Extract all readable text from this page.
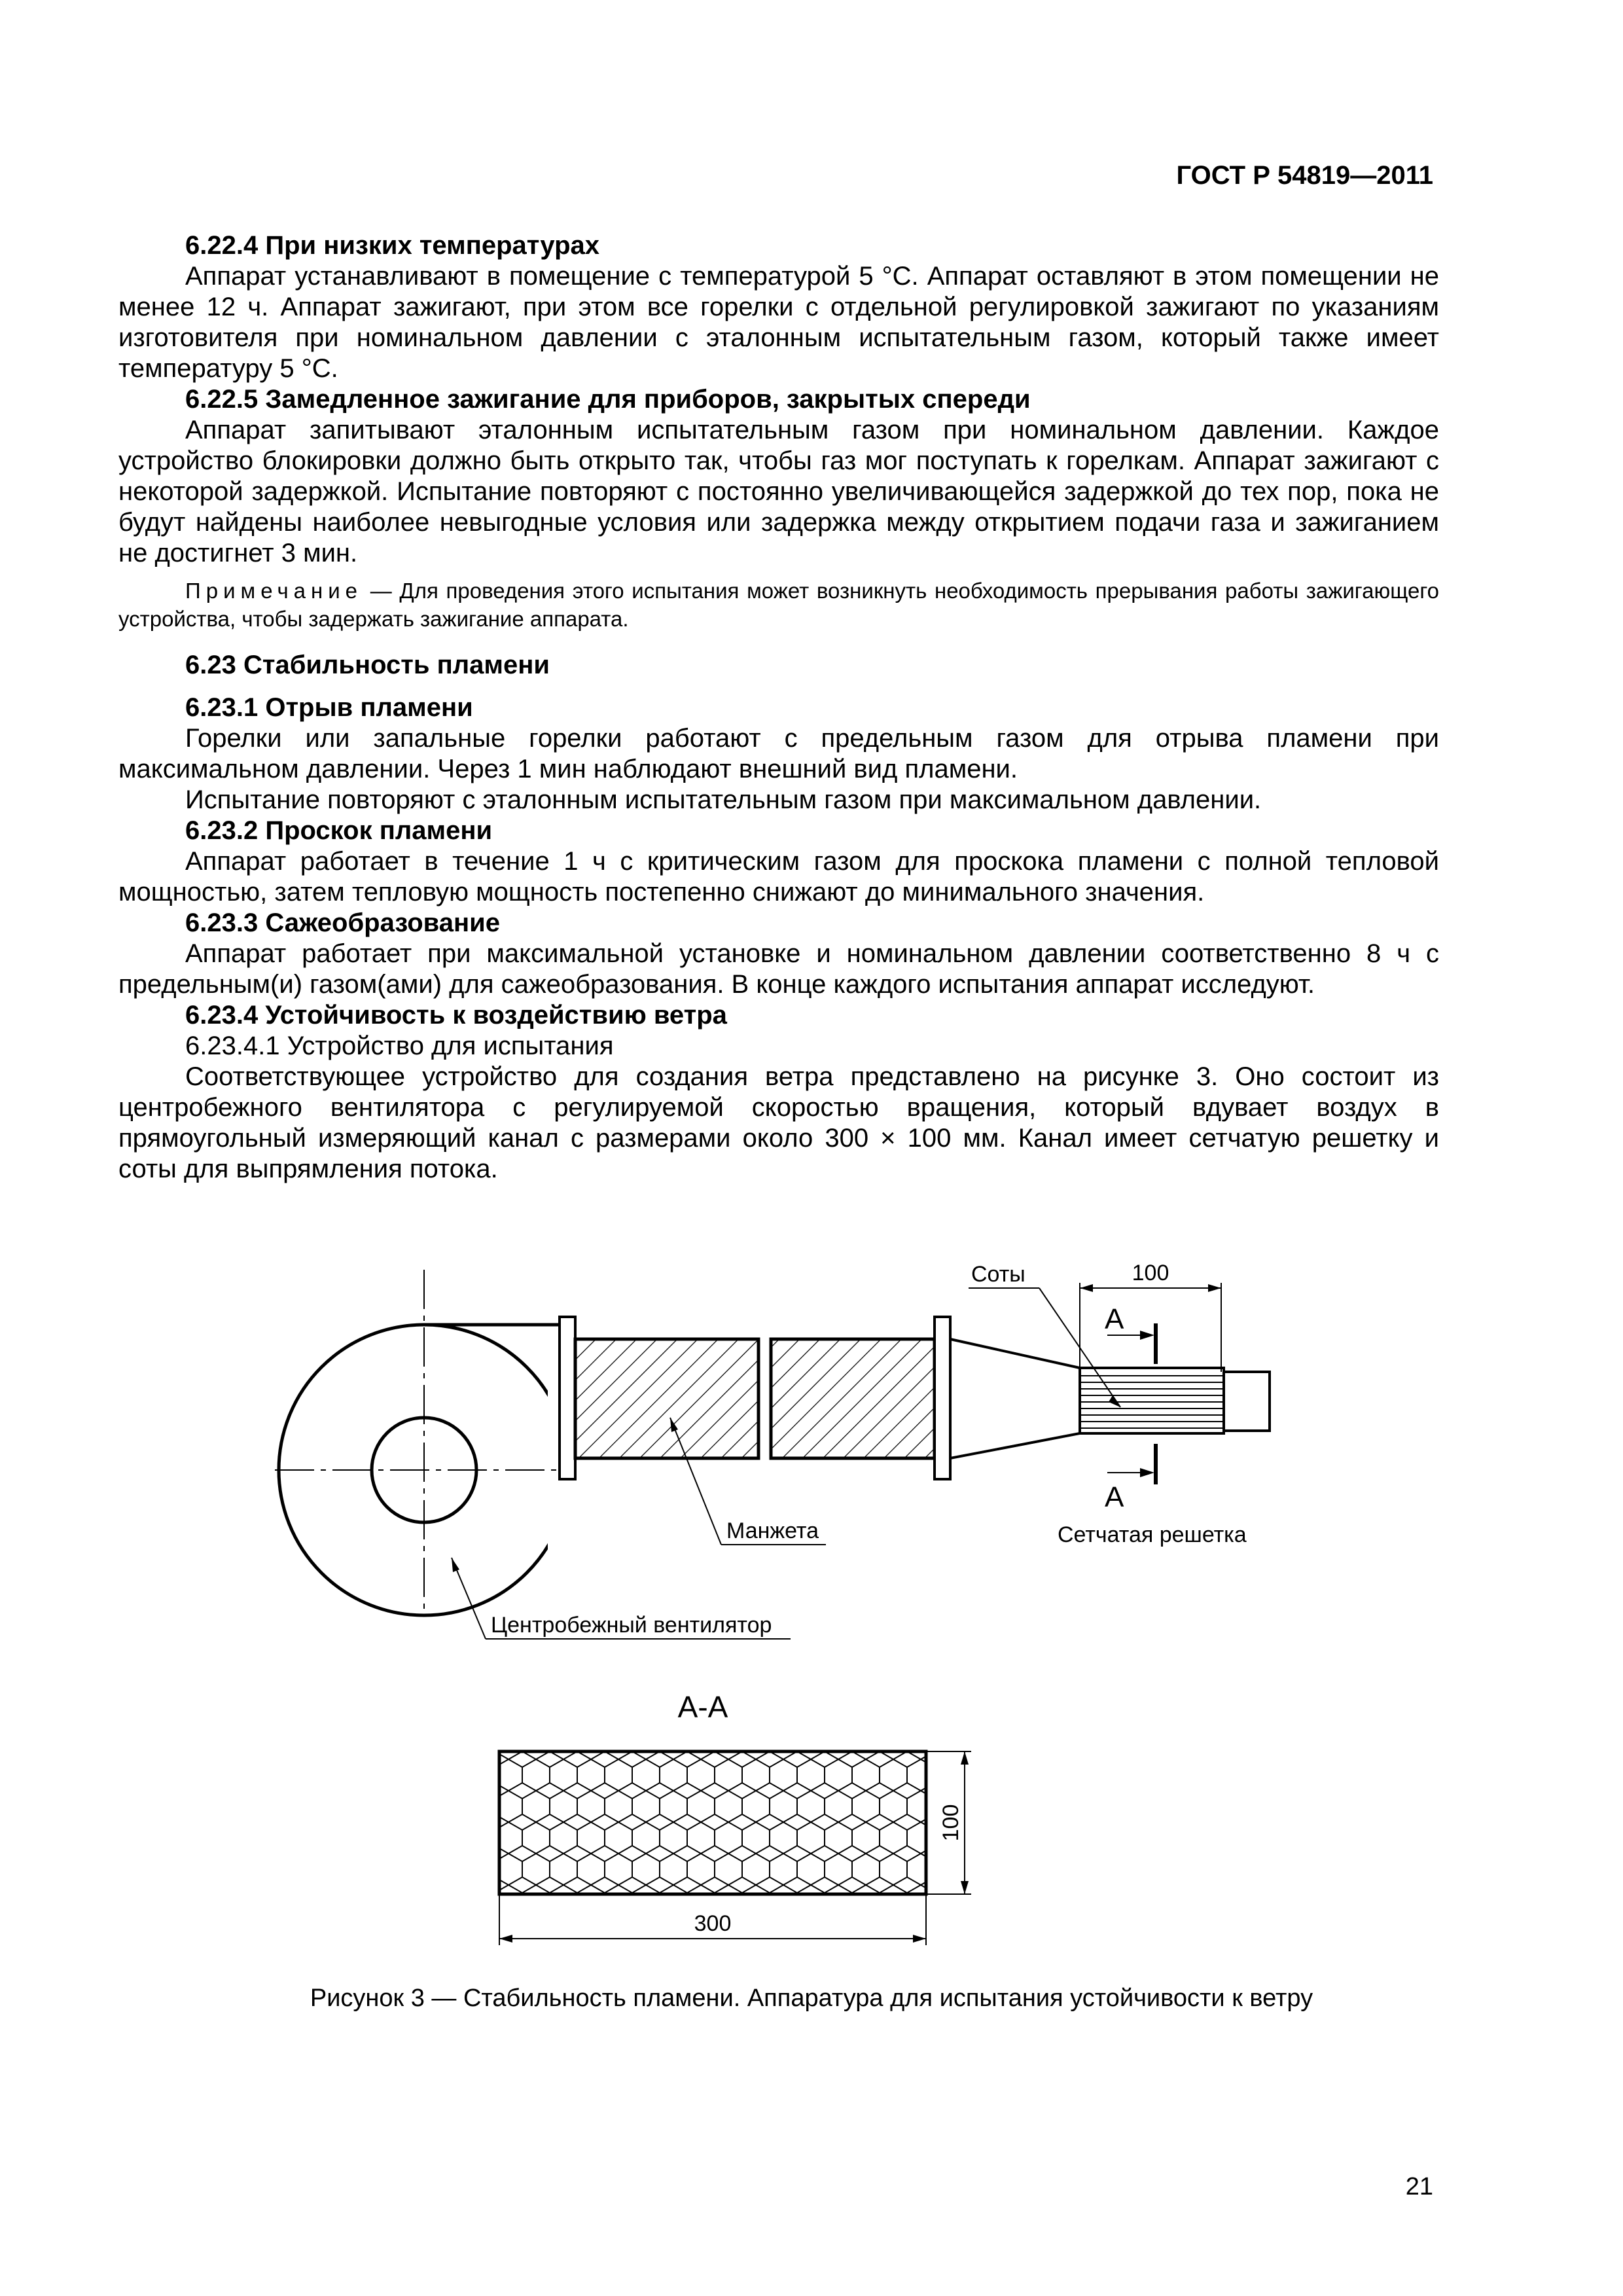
ГОСТ Р 54819—2011

6.22.4 При низких температурах

Аппарат устанавливают в помещение с температурой 5 °С. Аппарат оставляют в этом помещении не менее 12 ч. Аппарат зажигают, при этом все горелки с отдельной регулировкой зажигают по указаниям изготовителя при номинальном давлении с эталонным испытательным газом, который также имеет температуру 5 °С.

6.22.5 Замедленное зажигание для приборов, закрытых спереди

Аппарат запитывают эталонным испытательным газом при номинальном давлении. Каждое устройство блокировки должно быть открыто так, чтобы газ мог поступать к горелкам. Аппарат зажигают с некоторой задержкой. Испытание повторяют с постоянно увеличивающейся задержкой до тех пор, пока не будут найдены наиболее невыгодные условия или задержка между открытием подачи газа и зажиганием не достигнет 3 мин.

Примечание — Для проведения этого испытания может возникнуть необходимость прерывания работы зажигающего устройства, чтобы задержать зажигание аппарата.

6.23 Стабильность пламени

6.23.1 Отрыв пламени

Горелки или запальные горелки работают с предельным газом для отрыва пламени при максимальном давлении. Через 1 мин наблюдают внешний вид пламени.

Испытание повторяют с эталонным испытательным газом при максимальном давлении.

6.23.2 Проскок пламени

Аппарат работает в течение 1 ч с критическим газом для проскока пламени с полной тепловой мощностью, затем тепловую мощность постепенно снижают до минимального значения.

6.23.3 Сажеобразование

Аппарат работает при максимальной установке и номинальном давлении соответственно 8 ч с предельным(и) газом(ами) для сажеобразования. В конце каждого испытания аппарат исследуют.

6.23.4 Устойчивость к воздействию ветра

6.23.4.1 Устройство для испытания

Соответствующее устройство для создания ветра представлено на рисунке 3. Оно состоит из центробежного вентилятора с регулируемой скоростью вращения, который вдувает воздух в прямоугольный измеряющий канал с размерами около 300 × 100 мм. Канал имеет сетчатую решетку и соты для выпрямления потока.

100
Соты
А
А
Сетчатая решетка
Манжета
Центробежный вентилятор
А-А
100
300
Рисунок 3 — Стабильность пламени. Аппаратура для испытания устойчивости к ветру
21
